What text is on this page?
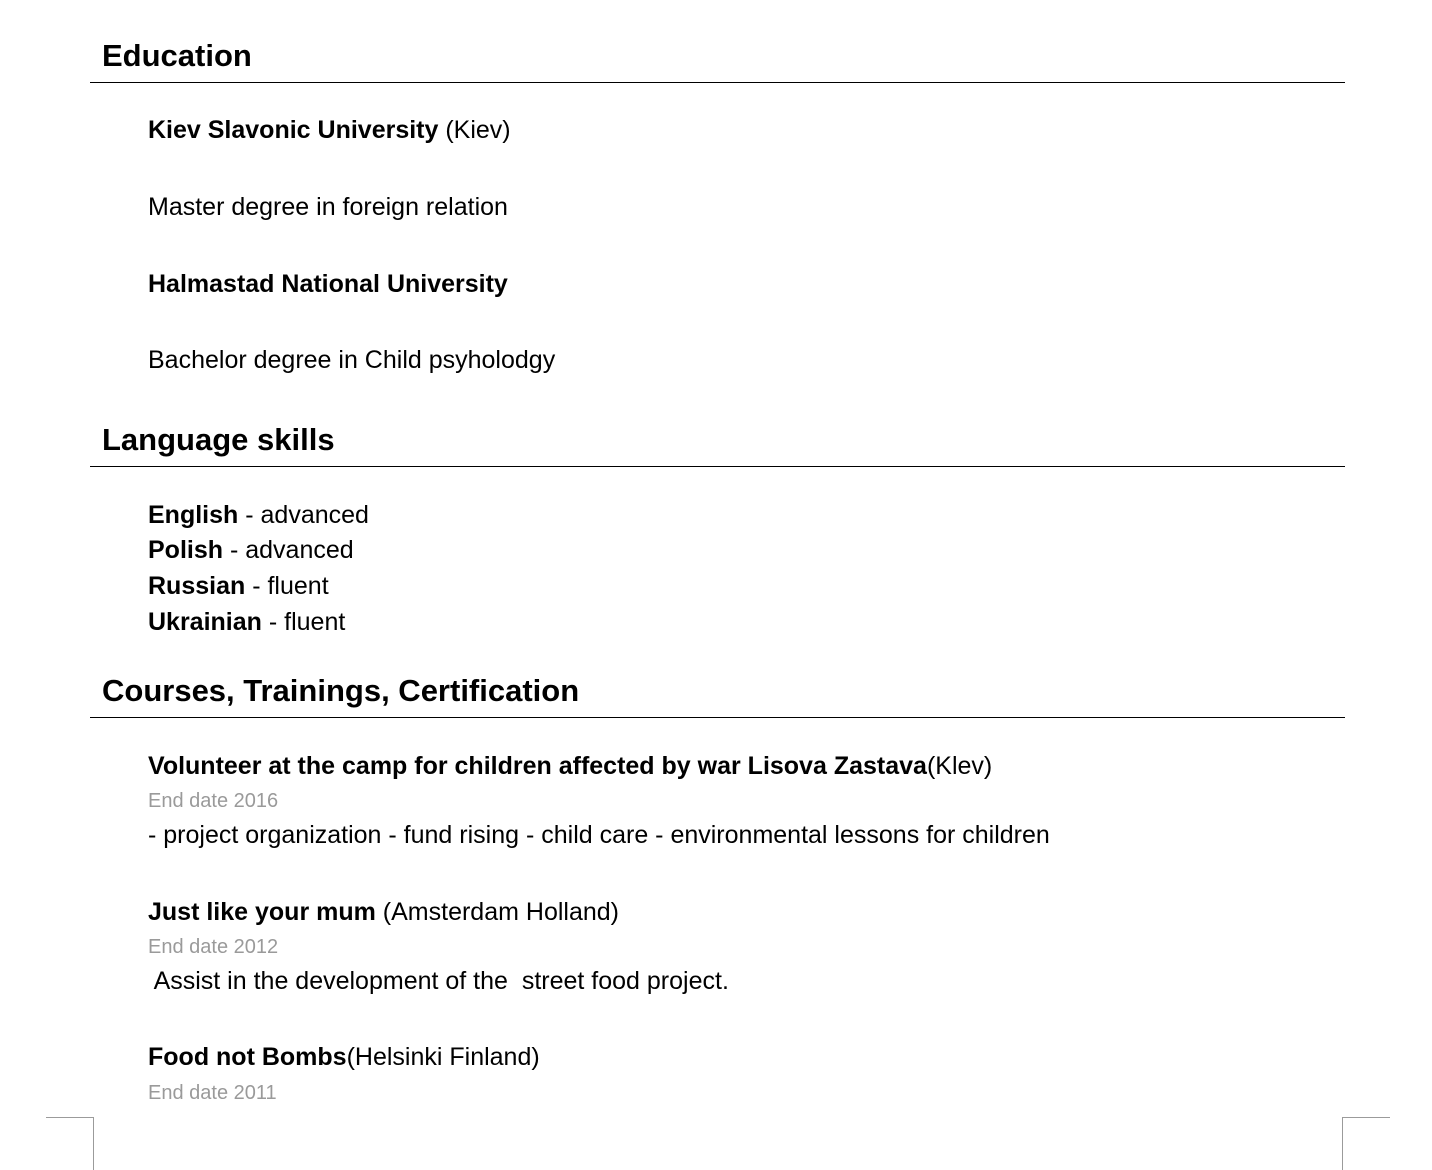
Education
Kiev Slavonic University (Kiev)
Master degree in foreign relation
Halmastad National University
Bachelor degree in Child psyholodgy
Language skills
English - advanced
Polish - advanced
Russian - fluent
Ukrainian - fluent
Courses, Trainings, Certification
Volunteer at the camp for children affected by war Lisova Zastava(Klev)
End date 2016
- project organization - fund rising - child care - environmental lessons for children
Just like your mum (Amsterdam Holland)
End date 2012
Assist in the development of the  street food project.
Food not Bombs(Helsinki Finland)
End date 2011
